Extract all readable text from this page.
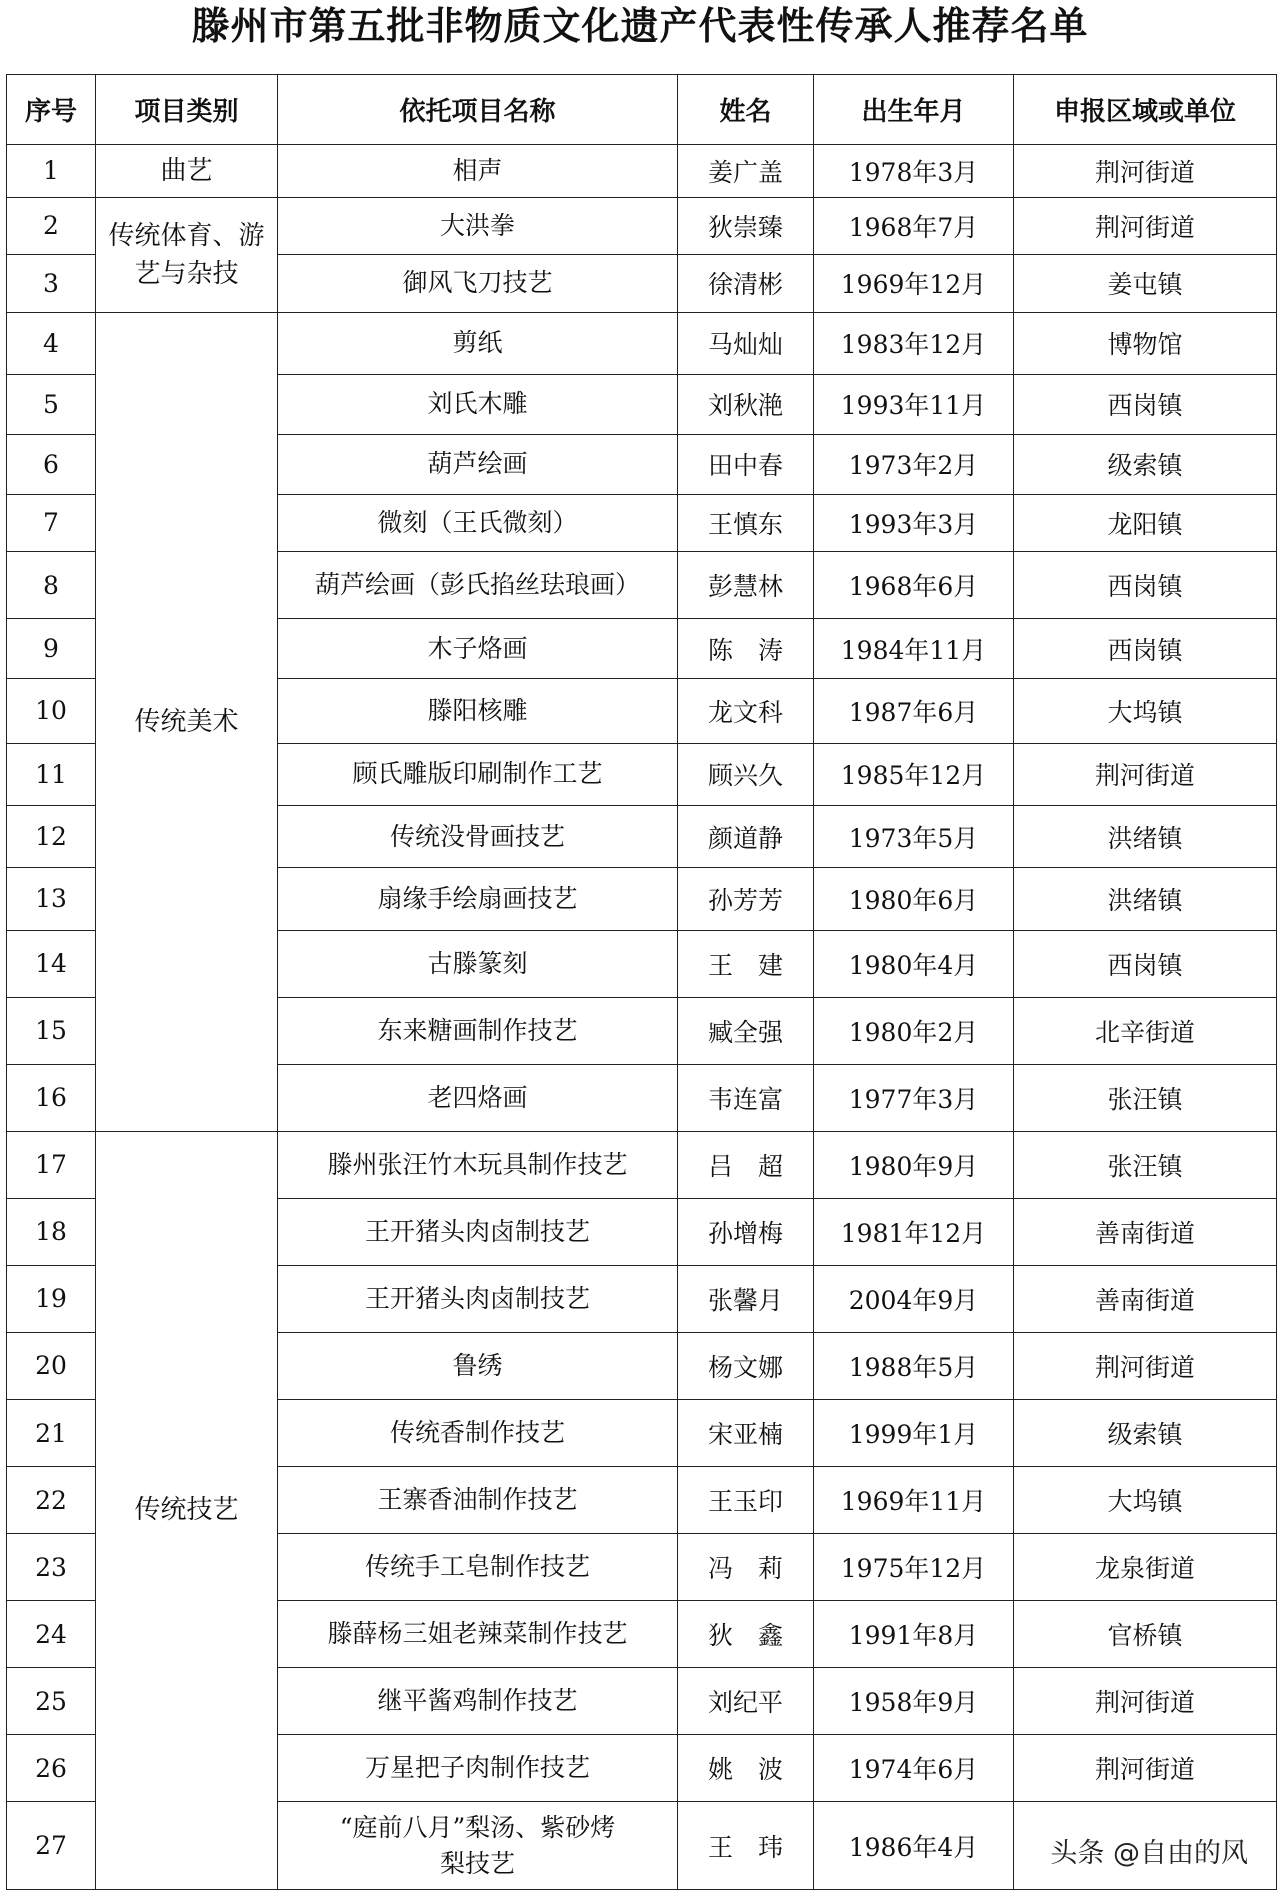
滕州市第五批非物质文化遗产代表性传承人推荐名单
序号	项目类别	依托项目名称	姓名	出生年月	申报区域或单位
1	曲艺	相声	姜广盖	1978年3月	荆河街道
2	传统体育、游艺与杂技	大洪拳	狄崇臻	1968年7月	荆河街道
3		御风飞刀技艺	徐清彬	1969年12月	姜屯镇
4	传统美术	剪纸	马灿灿	1983年12月	博物馆
5		刘氏木雕	刘秋滟	1993年11月	西岗镇
6		葫芦绘画	田中春	1973年2月	级索镇
7		微刻（王氏微刻）	王慎东	1993年3月	龙阳镇
8		葫芦绘画（彭氏掐丝珐琅画）	彭慧林	1968年6月	西岗镇
9		木子烙画	陈　涛	1984年11月	西岗镇
10		滕阳核雕	龙文科	1987年6月	大坞镇
11		顾氏雕版印刷制作工艺	顾兴久	1985年12月	荆河街道
12		传统没骨画技艺	颜道静	1973年5月	洪绪镇
13		扇缘手绘扇画技艺	孙芳芳	1980年6月	洪绪镇
14		古滕篆刻	王　建	1980年4月	西岗镇
15		东来糖画制作技艺	臧全强	1980年2月	北辛街道
16		老四烙画	韦连富	1977年3月	张汪镇
17	传统技艺	滕州张汪竹木玩具制作技艺	吕　超	1980年9月	张汪镇
18		王开猪头肉卤制技艺	孙增梅	1981年12月	善南街道
19		王开猪头肉卤制技艺	张馨月	2004年9月	善南街道
20		鲁绣	杨文娜	1988年5月	荆河街道
21		传统香制作技艺	宋亚楠	1999年1月	级索镇
22		王寨香油制作技艺	王玉印	1969年11月	大坞镇
23		传统手工皂制作技艺	冯　莉	1975年12月	龙泉街道
24		滕薛杨三姐老辣菜制作技艺	狄　鑫	1991年8月	官桥镇
25		继平酱鸡制作技艺	刘纪平	1958年9月	荆河街道
26		万星把子肉制作技艺	姚　波	1974年6月	荆河街道
27		“庭前八月”梨汤、紫砂烤梨技艺	王　玮	1986年4月		头条 @自由的风
